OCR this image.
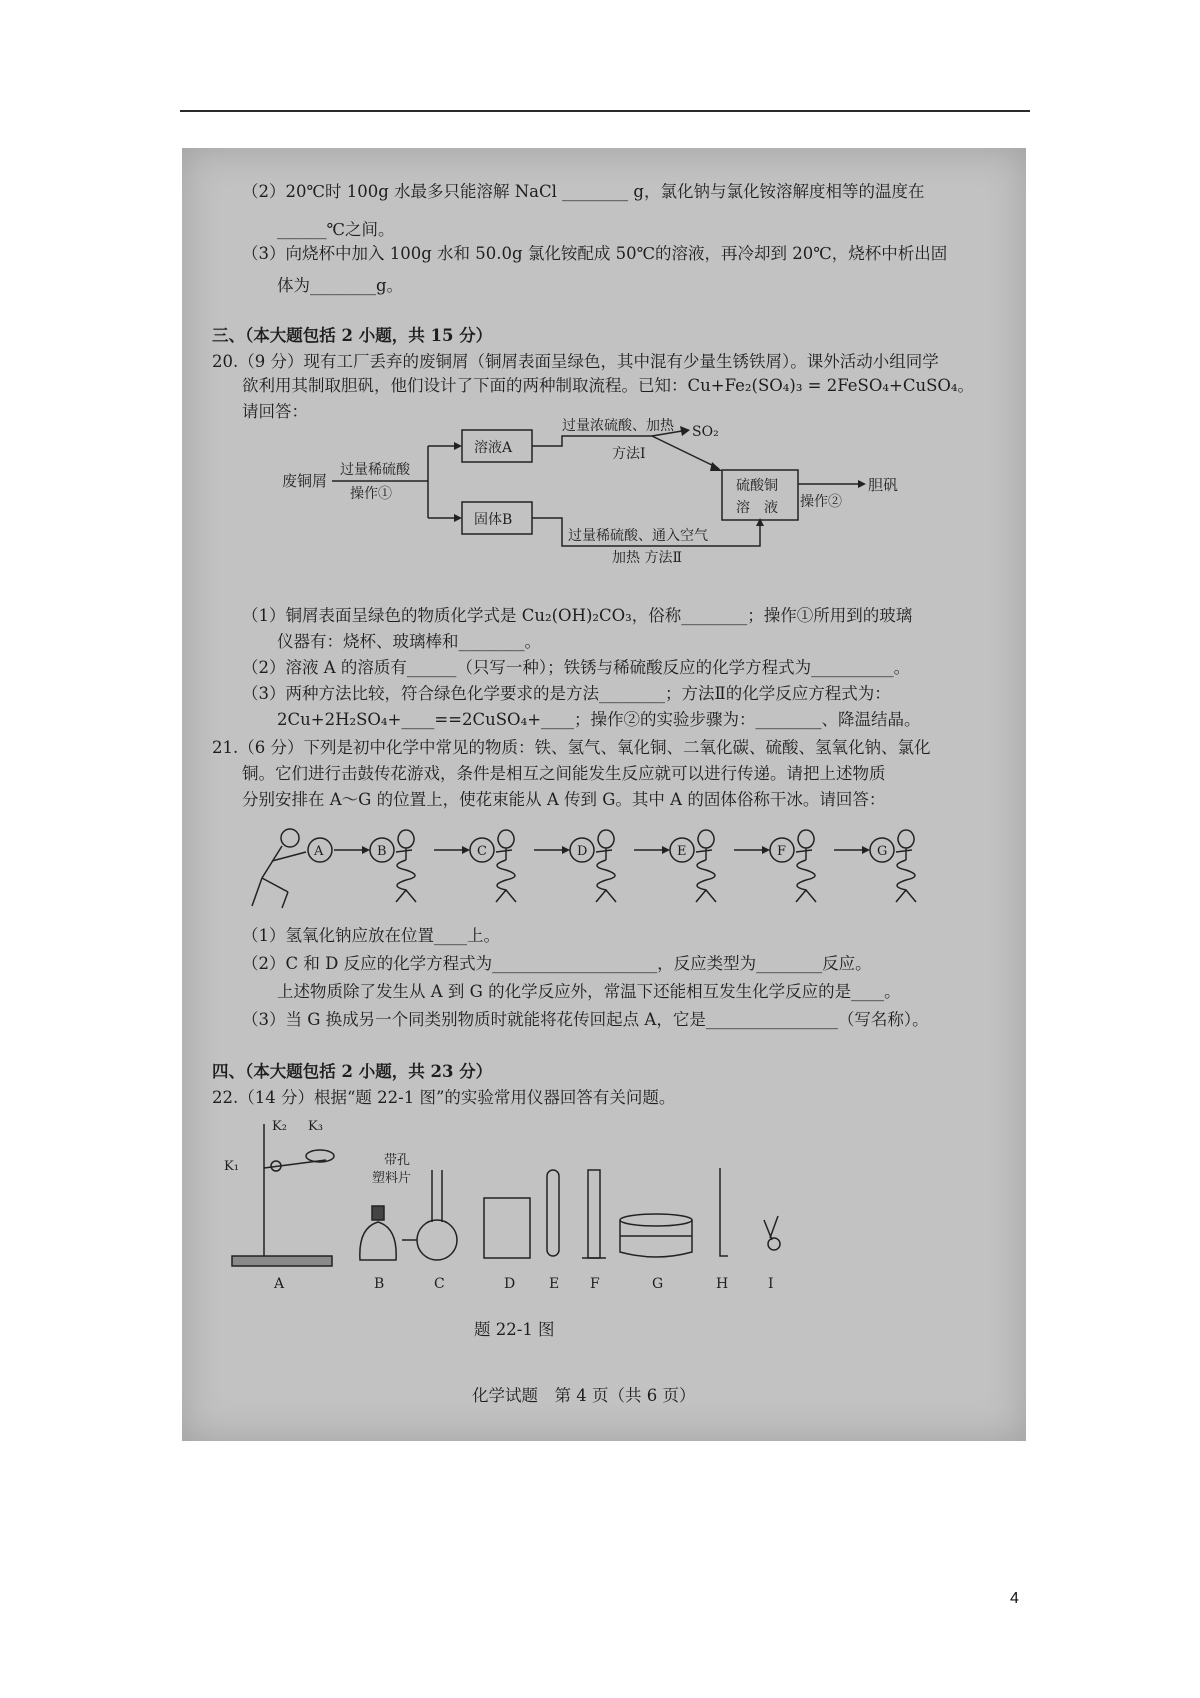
（2）20℃时 100g 水最多只能溶解 NaCl ________ g，氯化钠与氯化铵溶解度相等的温度在
______℃之间。
（3）向烧杯中加入 100g 水和 50.0g 氯化铵配成 50℃的溶液，再冷却到 20℃，烧杯中析出固
体为________g。
三、（本大题包括 2 小题，共 15 分）
20.（9 分）现有工厂丢弃的废铜屑（铜屑表面呈绿色，其中混有少量生锈铁屑）。课外活动小组同学
欲利用其制取胆矾，他们设计了下面的两种制取流程。已知：Cu+Fe₂(SO₄)₃ = 2FeSO₄+CuSO₄。
请回答：
废铜屑
过量稀硫酸
操作①
溶液A
固体B
SO₂
过量浓硫酸、加热
方法Ⅰ
硫酸铜
溶　液 操作②
胆矾
过量稀硫酸、通入空气
加热 方法Ⅱ
（1）铜屑表面呈绿色的物质化学式是 Cu₂(OH)₂CO₃，俗称________；操作①所用到的玻璃
仪器有：烧杯、玻璃棒和________。
（2）溶液 A 的溶质有______（只写一种）；铁锈与稀硫酸反应的化学方程式为__________。
（3）两种方法比较，符合绿色化学要求的是方法________；方法Ⅱ的化学反应方程式为：
2Cu+2H₂SO₄+____==2CuSO₄+____；操作②的实验步骤为：________、降温结晶。
21.（6 分）下列是初中化学中常见的物质：铁、氢气、氧化铜、二氧化碳、硫酸、氢氧化钠、氯化
铜。它们进行击鼓传花游戏，条件是相互之间能发生反应就可以进行传递。请把上述物质
分别安排在 A～G 的位置上，使花束能从 A 传到 G。其中 A 的固体俗称干冰。请回答：
A	B	C	D	E	F	G
（1）氢氧化钠应放在位置____上。
（2）C 和 D 反应的化学方程式为____________________，反应类型为________反应。
上述物质除了发生从 A 到 G 的化学反应外，常温下还能相互发生化学反应的是____。
（3）当 G 换成另一个同类别物质时就能将花传回起点 A，它是________________（写名称）。
四、（本大题包括 2 小题，共 23 分）
22.（14 分）根据“题 22-1 图”的实验常用仪器回答有关问题。
K₁
K₂ K₃
带孔
塑料片
A	B	C	D E F	G	H	I
题 22-1 图
化学试题　第 4 页（共 6 页）
4
